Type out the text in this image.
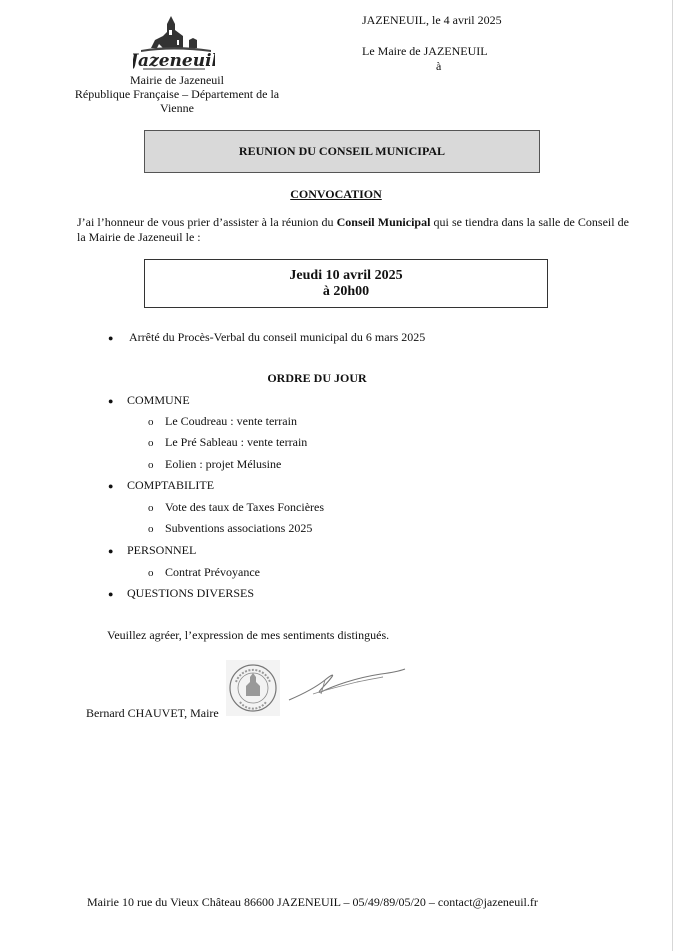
Jazeneuil
Mairie de Jazeneuil
République Française – Département de la
Vienne
JAZENEUIL, le 4 avril 2025
Le Maire de JAZENEUIL
à
REUNION DU CONSEIL MUNICIPAL
CONVOCATION
J’ai l’honneur de vous prier d’assister à la réunion du Conseil Municipal qui se tiendra dans la salle de Conseil de la Mairie de Jazeneuil le :
Jeudi 10 avril 2025
à 20h00
●	Arrêté du Procès-Verbal du conseil municipal du 6 mars 2025
ORDRE DU JOUR
●	COMMUNE
o Le Coudreau : vente terrain
o Le Pré Sableau : vente terrain
o Eolien : projet Mélusine
●	COMPTABILITE
o Vote des taux de Taxes Foncières
o Subventions associations 2025
●	PERSONNEL
o Contrat Prévoyance
●	QUESTIONS DIVERSES
Veuillez agréer, l’expression de mes sentiments distingués.
Bernard CHAUVET, Maire
Mairie 10 rue du Vieux Château 86600 JAZENEUIL – 05/49/89/05/20 – contact@jazeneuil.fr
